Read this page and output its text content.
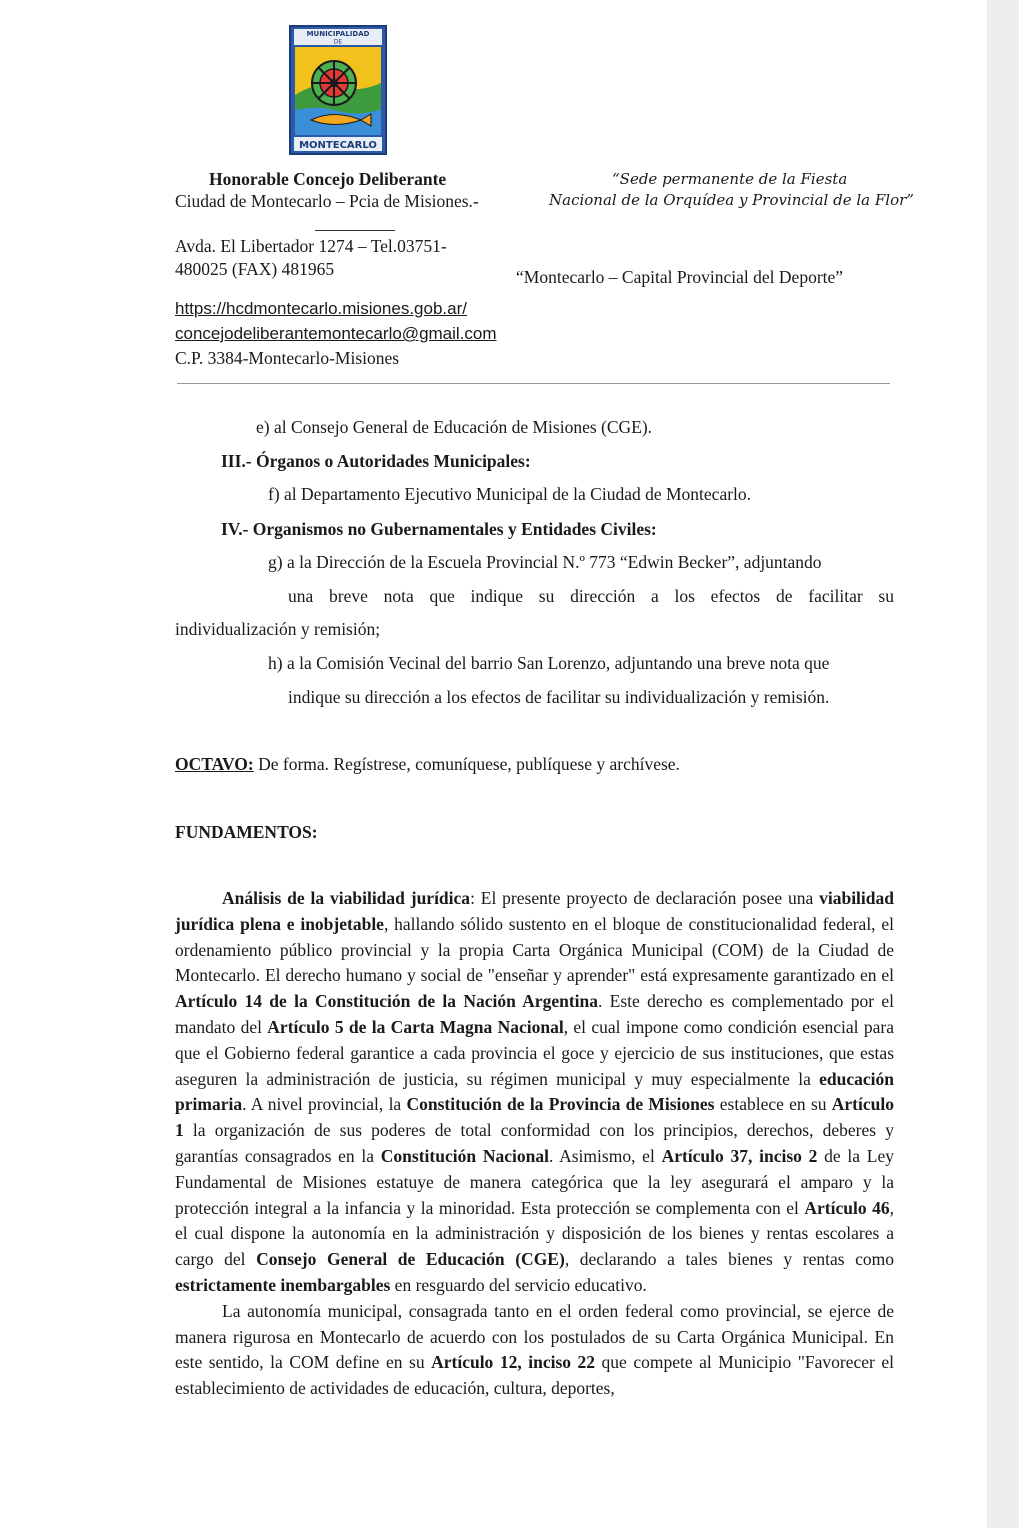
MUNICIPALIDAD
DE
MONTECARLO
Honorable Concejo Deliberante
Ciudad de Montecarlo – Pcia de Misiones.-
Avda. El Libertador 1274 – Tel.03751-
480025 (FAX) 481965
https://hcdmontecarlo.misiones.gob.ar/
concejodeliberantemontecarlo@gmail.com
C.P. 3384-Montecarlo-Misiones
“Sede permanente de la Fiesta
Nacional de la Orquídea y Provincial de la Flor”
“Montecarlo – Capital Provincial del Deporte”
e) al Consejo General de Educación de Misiones (CGE).
III.- Órganos o Autoridades Municipales:
f) al Departamento Ejecutivo Municipal de la Ciudad de Montecarlo.
IV.- Organismos no Gubernamentales y Entidades Civiles:
g) a la Dirección de la Escuela Provincial N.º 773 “Edwin Becker”, adjuntando
una breve nota que indique su dirección a los efectos de facilitar su
individualización y remisión;
h) a la Comisión Vecinal del barrio San Lorenzo, adjuntando una breve nota que
indique su dirección a los efectos de facilitar su individualización y remisión.
OCTAVO: De forma. Regístrese, comuníquese, publíquese y archívese.
FUNDAMENTOS:

Análisis de la viabilidad jurídica: El presente proyecto de declaración posee una viabilidad jurídica plena e inobjetable, hallando sólido sustento en el bloque de constitucionalidad federal, el ordenamiento público provincial y la propia Carta Orgánica Municipal (COM) de la Ciudad de Montecarlo. El derecho humano y social de "enseñar y aprender" está expresamente garantizado en el Artículo 14 de la Constitución de la Nación Argentina. Este derecho es complementado por el mandato del Artículo 5 de la Carta Magna Nacional, el cual impone como condición esencial para que el Gobierno federal garantice a cada provincia el goce y ejercicio de sus instituciones, que estas aseguren la administración de justicia, su régimen municipal y muy especialmente la educación primaria. A nivel provincial, la Constitución de la Provincia de Misiones establece en su Artículo 1 la organización de sus poderes de total conformidad con los principios, derechos, deberes y garantías consagrados en la Constitución Nacional. Asimismo, el Artículo 37, inciso 2 de la Ley Fundamental de Misiones estatuye de manera categórica que la ley asegurará el amparo y la protección integral a la infancia y la minoridad. Esta protección se complementa con el Artículo 46, el cual dispone la autonomía en la administración y disposición de los bienes y rentas escolares a cargo del Consejo General de Educación (CGE), declarando a tales bienes y rentas como estrictamente inembargables en resguardo del servicio educativo.

La autonomía municipal, consagrada tanto en el orden federal como provincial, se ejerce de manera rigurosa en Montecarlo de acuerdo con los postulados de su Carta Orgánica Municipal. En este sentido, la COM define en su Artículo 12, inciso 22 que compete al Municipio "Favorecer el establecimiento de actividades de educación, cultura, deportes,
